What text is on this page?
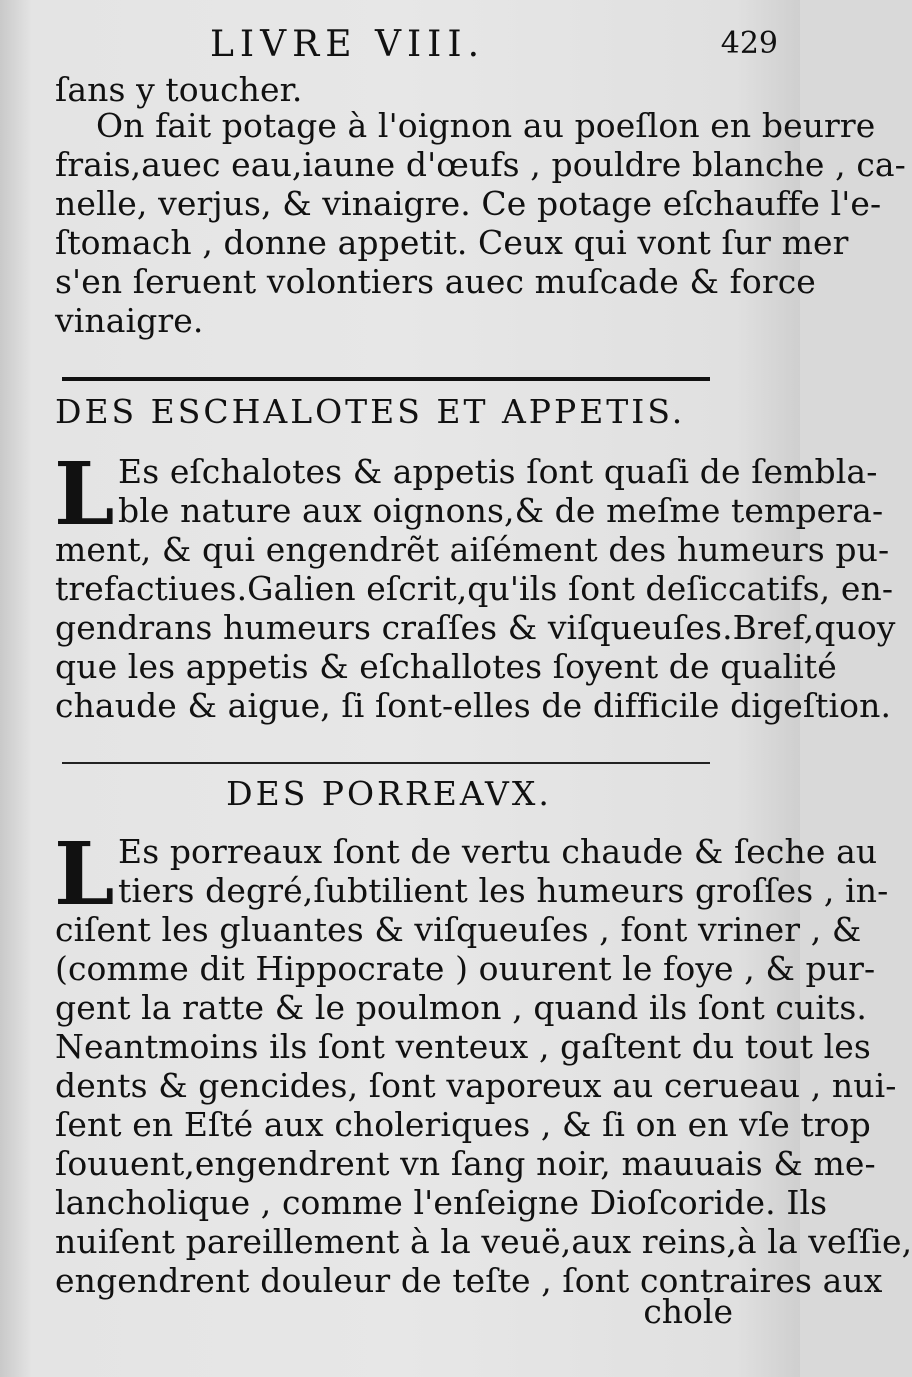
LIVRE VIII.	429
ſans y toucher.
On fait potage à l'oignon au poeſlon en beurre
frais,auec eau,iaune d'œufs , pouldre blanche , ca-
nelle, verjus, & vinaigre. Ce potage eſchauffe l'e-
ſtomach , donne appetit. Ceux qui vont ſur mer
s'en ſeruent volontiers auec muſcade & force
vinaigre.
DES ESCHALOTES ET APPETIS.
L Es eſchalotes & appetis ſont quaſi de ſembla-
ble nature aux oignons,& de meſme tempera-
ment, & qui engendrẽt aiſément des humeurs pu-
trefactiues.Galien eſcrit,qu'ils ſont deſiccatifs, en-
gendrans humeurs craſſes & viſqueuſes.Bref,quoy
que les appetis & eſchallotes ſoyent de qualité
chaude & aigue, ſi ſont-elles de difficile digeſtion.
DES PORREAVX.
L Es porreaux ſont de vertu chaude & ſeche au
tiers degré,ſubtilient les humeurs groſſes , in-
ciſent les gluantes & viſqueuſes , font vriner , &
(comme dit Hippocrate ) ouurent le foye , & pur-
gent la ratte & le poulmon , quand ils ſont cuits.
Neantmoins ils ſont venteux , gaſtent du tout les
dents & gencides, ſont vaporeux au cerueau , nui-
ſent en Eſté aux choleriques , & ſi on en vſe trop
ſouuent,engendrent vn ſang noir, mauuais & me-
lancholique , comme l'enſeigne Dioſcoride. Ils
nuiſent pareillement à la veuë,aux reins,à la veſſie,
engendrent douleur de teſte , ſont contraires aux
chole
